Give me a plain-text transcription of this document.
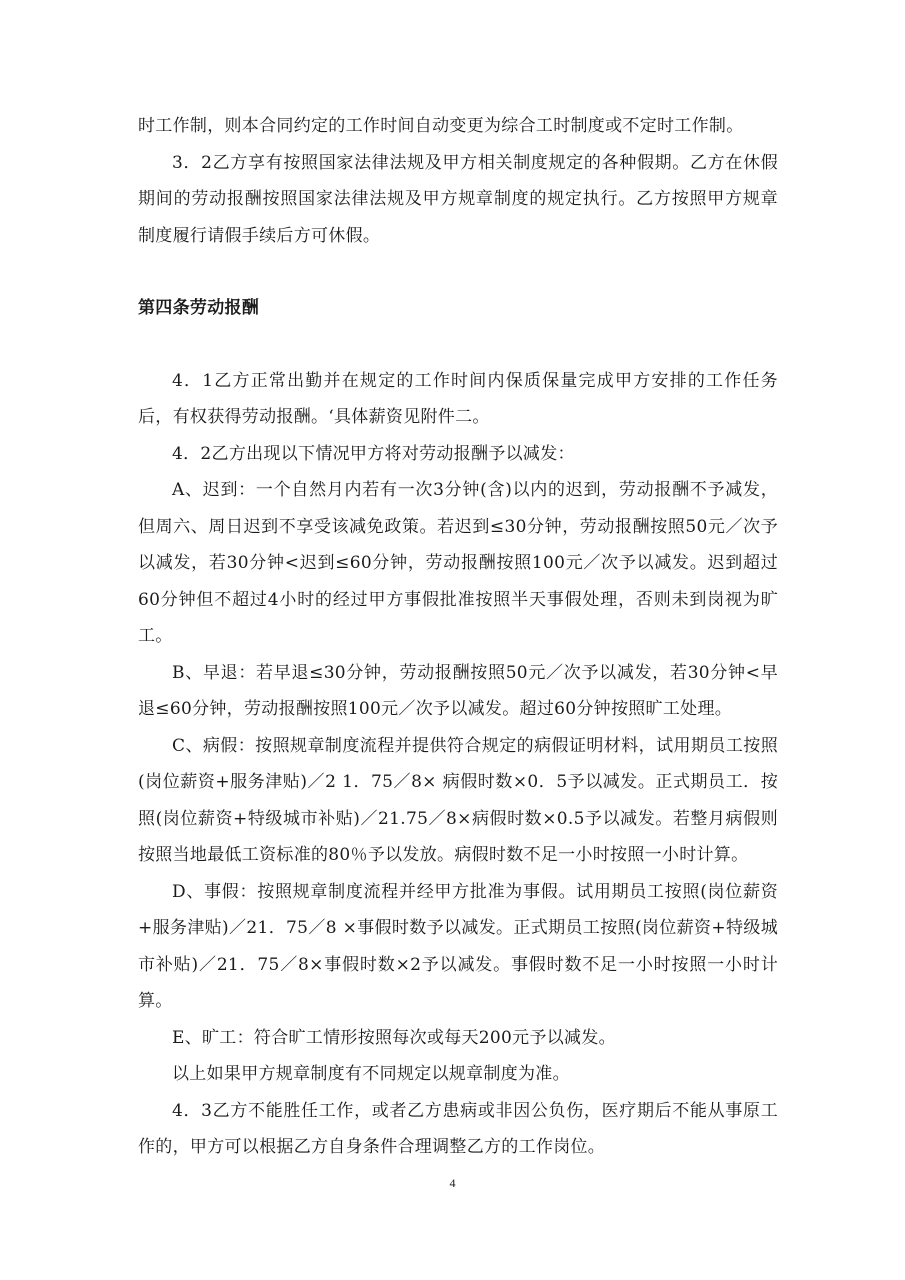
时工作制，则本合同约定的工作时间自动变更为综合工时制度或不定时工作制。

3．2乙方享有按照国家法律法规及甲方相关制度规定的各种假期。乙方在休假期间的劳动报酬按照国家法律法规及甲方规章制度的规定执行。乙方按照甲方规章制度履行请假手续后方可休假。

第四条劳动报酬

4．1乙方正常出勤并在规定的工作时间内保质保量完成甲方安排的工作任务后，有权获得劳动报酬。‘具体薪资见附件二。

4．2乙方出现以下情况甲方将对劳动报酬予以减发：

A、迟到：一个自然月内若有一次3分钟(含)以内的迟到，劳动报酬不予减发，但周六、周日迟到不享受该减免政策。若迟到≤30分钟，劳动报酬按照50元／次予以减发，若30分钟<迟到≤60分钟，劳动报酬按照100元／次予以减发。迟到超过60分钟但不超过4小时的经过甲方事假批准按照半天事假处理，否则未到岗视为旷工。

B、早退：若早退≤30分钟，劳动报酬按照50元／次予以减发，若30分钟<早退≤60分钟，劳动报酬按照100元／次予以减发。超过60分钟按照旷工处理。

C、病假：按照规章制度流程并提供符合规定的病假证明材料，试用期员工按照(岗位薪资+服务津贴)／2 1．75／8× 病假时数×0．5予以减发。正式期员工．按照(岗位薪资+特级城市补贴)／21.75／8×病假时数×0.5予以减发。若整月病假则按照当地最低工资标准的80％予以发放。病假时数不足一小时按照一小时计算。

D、事假：按照规章制度流程并经甲方批准为事假。试用期员工按照(岗位薪资+服务津贴)／21．75／8 ×事假时数予以减发。正式期员工按照(岗位薪资+特级城市补贴)／21．75／8×事假时数×2予以减发。事假时数不足一小时按照一小时计算。

E、旷工：符合旷工情形按照每次或每天200元予以减发。

以上如果甲方规章制度有不同规定以规章制度为准。

4．3乙方不能胜任工作，或者乙方患病或非因公负伤，医疗期后不能从事原工作的，甲方可以根据乙方自身条件合理调整乙方的工作岗位。

4
